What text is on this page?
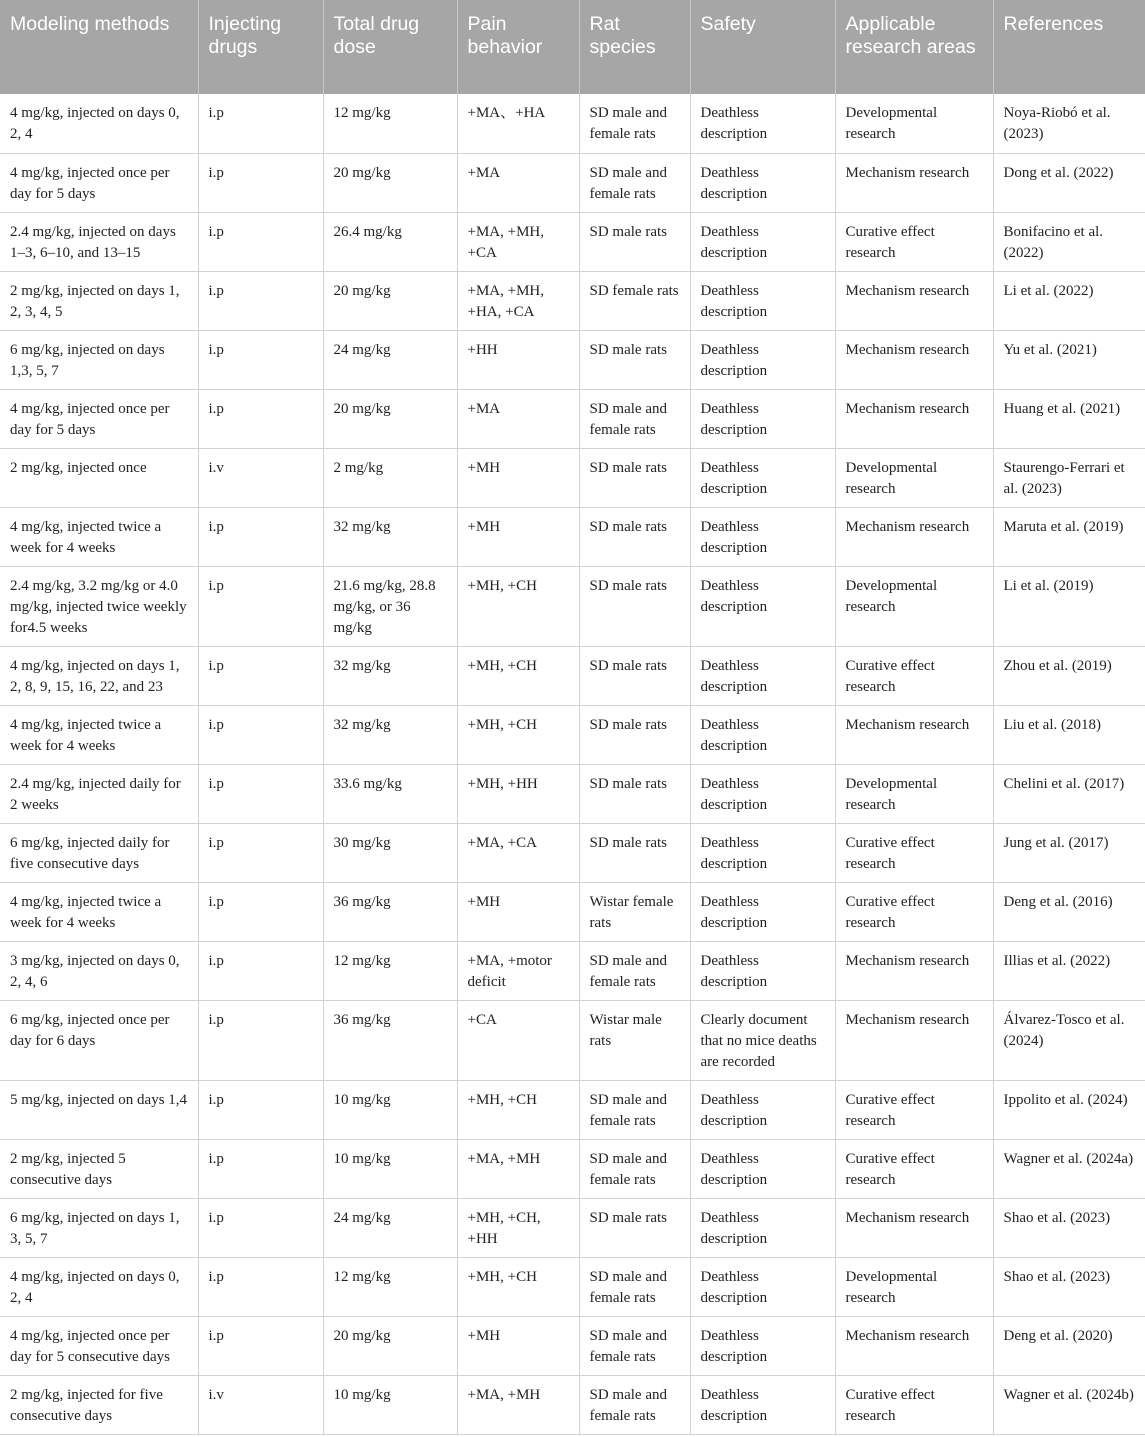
Modeling methods	Injecting drugs	Total drug dose	Pain behavior	Rat species	Safety	Applicable research areas	References
4 mg/kg, injected on days 0, 2, 4	i.p	12 mg/kg	+MA、+HA	SD male and female rats	Deathless description	Developmental research	Noya-Riobó et al. (2023)
4 mg/kg, injected once per day for 5 days	i.p	20 mg/kg	+MA	SD male and female rats	Deathless description	Mechanism research	Dong et al. (2022)
2.4 mg/kg, injected on days 1–3, 6–10, and 13–15	i.p	26.4 mg/kg	+MA, +MH, +CA	SD male rats	Deathless description	Curative effect research	Bonifacino et al. (2022)
2 mg/kg, injected on days 1, 2, 3, 4, 5	i.p	20 mg/kg	+MA, +MH, +HA, +CA	SD female rats	Deathless description	Mechanism research	Li et al. (2022)
6 mg/kg, injected on days 1,3, 5, 7	i.p	24 mg/kg	+HH	SD male rats	Deathless description	Mechanism research	Yu et al. (2021)
4 mg/kg, injected once per day for 5 days	i.p	20 mg/kg	+MA	SD male and female rats	Deathless description	Mechanism research	Huang et al. (2021)
2 mg/kg, injected once	i.v	2 mg/kg	+MH	SD male rats	Deathless description	Developmental research	Staurengo-Ferrari et al. (2023)
4 mg/kg, injected twice a week for 4 weeks	i.p	32 mg/kg	+MH	SD male rats	Deathless description	Mechanism research	Maruta et al. (2019)
2.4 mg/kg, 3.2 mg/kg or 4.0 mg/kg, injected twice weekly for4.5 weeks	i.p	21.6 mg/kg, 28.8 mg/kg, or 36 mg/kg	+MH, +CH	SD male rats	Deathless description	Developmental research	Li et al. (2019)
4 mg/kg, injected on days 1, 2, 8, 9, 15, 16, 22, and 23	i.p	32 mg/kg	+MH, +CH	SD male rats	Deathless description	Curative effect research	Zhou et al. (2019)
4 mg/kg, injected twice a week for 4 weeks	i.p	32 mg/kg	+MH, +CH	SD male rats	Deathless description	Mechanism research	Liu et al. (2018)
2.4 mg/kg, injected daily for 2 weeks	i.p	33.6 mg/kg	+MH, +HH	SD male rats	Deathless description	Developmental research	Chelini et al. (2017)
6 mg/kg, injected daily for five consecutive days	i.p	30 mg/kg	+MA, +CA	SD male rats	Deathless description	Curative effect research	Jung et al. (2017)
4 mg/kg, injected twice a week for 4 weeks	i.p	36 mg/kg	+MH	Wistar female rats	Deathless description	Curative effect research	Deng et al. (2016)
3 mg/kg, injected on days 0, 2, 4, 6	i.p	12 mg/kg	+MA, +motor deficit	SD male and female rats	Deathless description	Mechanism research	Illias et al. (2022)
6 mg/kg, injected once per day for 6 days	i.p	36 mg/kg	+CA	Wistar male rats	Clearly document that no mice deaths are recorded	Mechanism research	Álvarez-Tosco et al. (2024)
5 mg/kg, injected on days 1,4	i.p	10 mg/kg	+MH, +CH	SD male and female rats	Deathless description	Curative effect research	Ippolito et al. (2024)
2 mg/kg, injected 5 consecutive days	i.p	10 mg/kg	+MA, +MH	SD male and female rats	Deathless description	Curative effect research	Wagner et al. (2024a)
6 mg/kg, injected on days 1, 3, 5, 7	i.p	24 mg/kg	+MH, +CH, +HH	SD male rats	Deathless description	Mechanism research	Shao et al. (2023)
4 mg/kg, injected on days 0, 2, 4	i.p	12 mg/kg	+MH, +CH	SD male and female rats	Deathless description	Developmental research	Shao et al. (2023)
4 mg/kg, injected once per day for 5 consecutive days	i.p	20 mg/kg	+MH	SD male and female rats	Deathless description	Mechanism research	Deng et al. (2020)
2 mg/kg, injected for five consecutive days	i.v	10 mg/kg	+MA, +MH	SD male and female rats	Deathless description	Curative effect research	Wagner et al. (2024b)
